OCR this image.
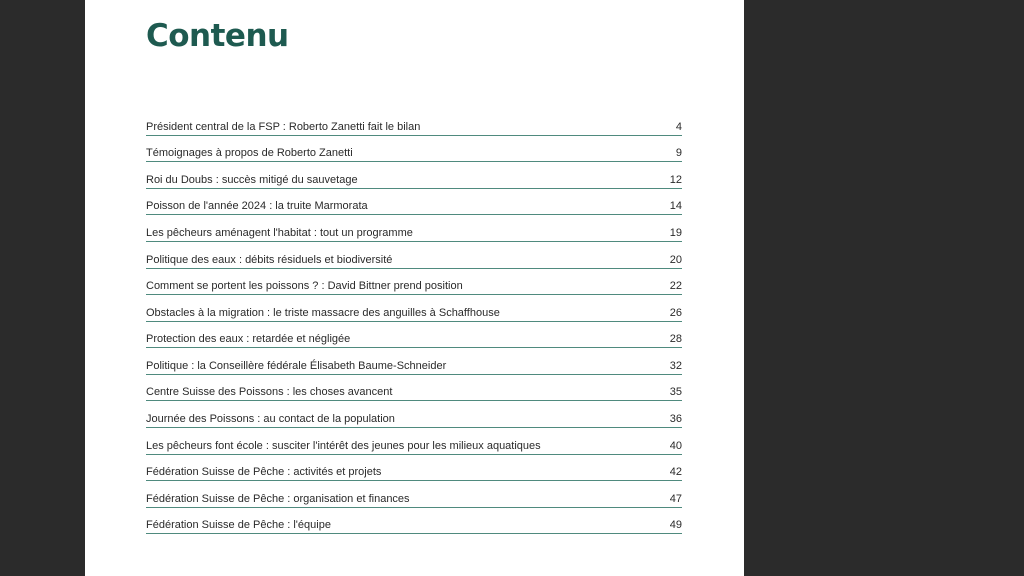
Contenu
Président central de la FSP : Roberto Zanetti fait le bilan	4
Témoignages à propos de Roberto Zanetti	9
Roi du Doubs : succès mitigé du sauvetage	12
Poisson de l'année 2024 : la truite Marmorata	14
Les pêcheurs aménagent l'habitat : tout un programme	19
Politique des eaux : débits résiduels et biodiversité	20
Comment se portent les poissons ? : David Bittner prend position	22
Obstacles à la migration : le triste massacre des anguilles à Schaffhouse	26
Protection des eaux : retardée et négligée	28
Politique : la Conseillère fédérale Élisabeth Baume-Schneider	32
Centre Suisse des Poissons : les choses avancent	35
Journée des Poissons : au contact de la population	36
Les pêcheurs font école : susciter l'intérêt des jeunes pour les milieux aquatiques	40
Fédération Suisse de Pêche : activités et projets	42
Fédération Suisse de Pêche : organisation et finances	47
Fédération Suisse de Pêche : l'équipe	49
